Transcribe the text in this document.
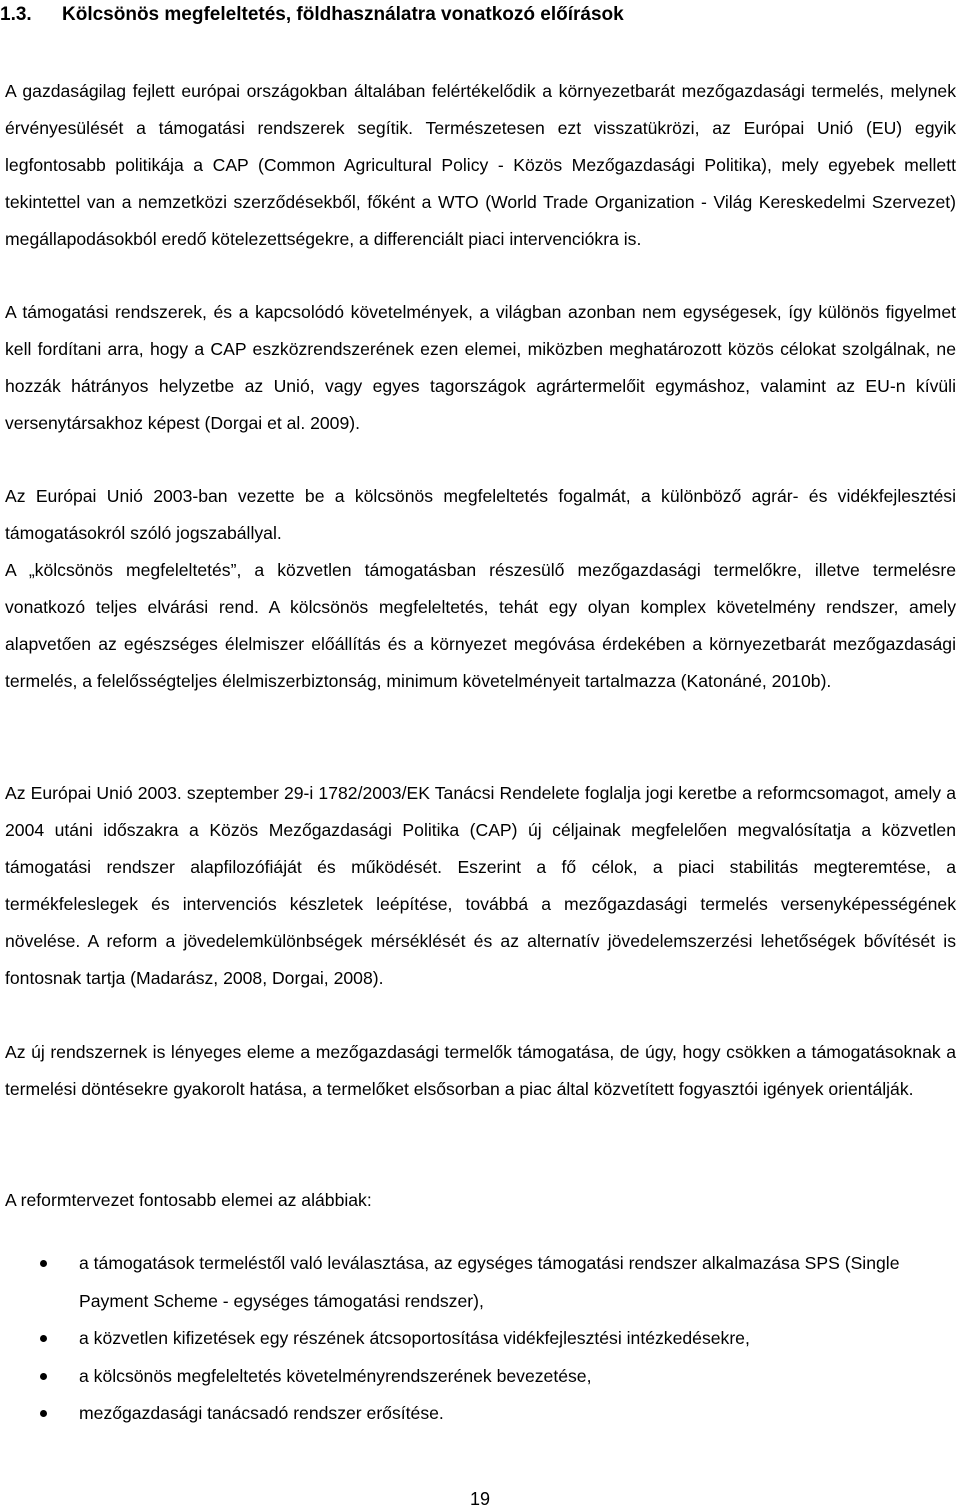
1.3. Kölcsönös megfeleltetés, földhasználatra vonatkozó előírások

A gazdaságilag fejlett európai országokban általában felértékelődik a környezetbarát mezőgazdasági termelés, melynek érvényesülését a támogatási rendszerek segítik. Természetesen ezt visszatükrözi, az Európai Unió (EU) egyik legfontosabb politikája a CAP (Common Agricultural Policy - Közös Mezőgazdasági Politika), mely egyebek mellett tekintettel van a nemzetközi szerződésekből, főként a WTO (World Trade Organization - Világ Kereskedelmi Szervezet) megállapodásokból eredő kötelezettségekre, a differenciált piaci intervenciókra is.

A támogatási rendszerek, és a kapcsolódó követelmények, a világban azonban nem egységesek, így különös figyelmet kell fordítani arra, hogy a CAP eszközrendszerének ezen elemei, miközben meghatározott közös célokat szolgálnak, ne hozzák hátrányos helyzetbe az Unió, vagy egyes tagországok agrártermelőit egymáshoz, valamint az EU-n kívüli versenytársakhoz képest (Dorgai et al. 2009).

Az Európai Unió 2003-ban vezette be a kölcsönös megfeleltetés fogalmát, a különböző agrár- és vidékfejlesztési támogatásokról szóló jogszabállyal.

A „kölcsönös megfeleltetés”, a közvetlen támogatásban részesülő mezőgazdasági termelőkre, illetve termelésre vonatkozó teljes elvárási rend. A kölcsönös megfeleltetés, tehát egy olyan komplex követelmény rendszer, amely alapvetően az egészséges élelmiszer előállítás és a környezet megóvása érdekében a környezetbarát mezőgazdasági termelés, a felelősségteljes élelmiszerbiztonság, minimum követelményeit tartalmazza (Katonáné, 2010b).

Az Európai Unió 2003. szeptember 29-i 1782/2003/EK Tanácsi Rendelete foglalja jogi keretbe a reformcsomagot, amely a 2004 utáni időszakra a Közös Mezőgazdasági Politika (CAP) új céljainak megfelelően megvalósítatja a közvetlen támogatási rendszer alapfilozófiáját és működését. Eszerint a fő célok, a piaci stabilitás megteremtése, a termékfeleslegek és intervenciós készletek leépítése, továbbá a mezőgazdasági termelés versenyképességének növelése. A reform a jövedelemkülönbségek mérséklését és az alternatív jövedelemszerzési lehetőségek bővítését is fontosnak tartja (Madarász, 2008, Dorgai, 2008).

Az új rendszernek is lényeges eleme a mezőgazdasági termelők támogatása, de úgy, hogy csökken a támogatásoknak a termelési döntésekre gyakorolt hatása, a termelőket elsősorban a piac által közvetített fogyasztói igények orientálják.

A reformtervezet fontosabb elemei az alábbiak:

a támogatások termeléstől való leválasztása, az egységes támogatási rendszer alkalmazása SPS (Single Payment Scheme - egységes támogatási rendszer),
a közvetlen kifizetések egy részének átcsoportosítása vidékfejlesztési intézkedésekre,
a kölcsönös megfeleltetés követelményrendszerének bevezetése,
mezőgazdasági tanácsadó rendszer erősítése.
19
